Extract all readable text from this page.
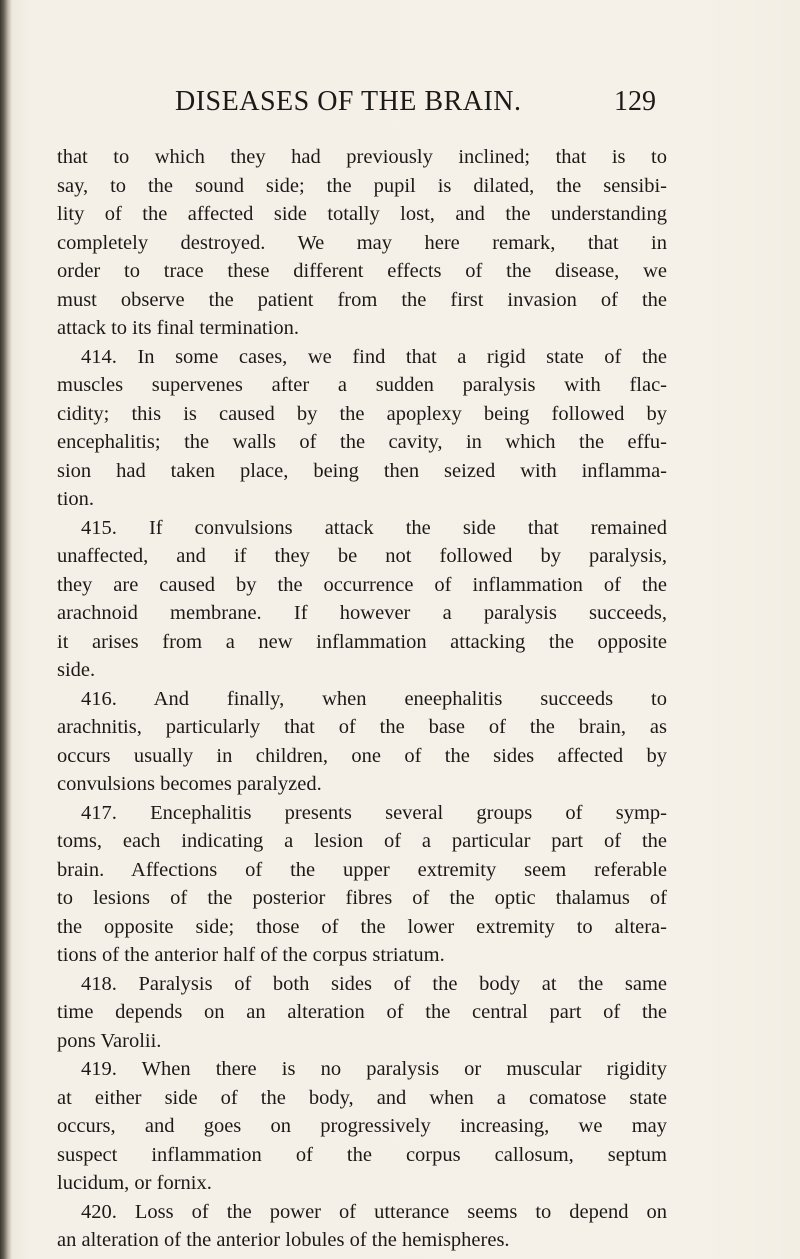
DISEASES OF THE BRAIN.	129
that to which they had previously inclined; that is to
say, to the sound side; the pupil is dilated, the sensibi-
lity of the affected side totally lost, and the understanding
completely destroyed. We may here remark, that in
order to trace these different effects of the disease, we
must observe the patient from the first invasion of the
attack to its final termination.
414. In some cases, we find that a rigid state of the
muscles supervenes after a sudden paralysis with flac-
cidity; this is caused by the apoplexy being followed by
encephalitis; the walls of the cavity, in which the effu-
sion had taken place, being then seized with inflamma-
tion.
415. If convulsions attack the side that remained
unaffected, and if they be not followed by paralysis,
they are caused by the occurrence of inflammation of the
arachnoid membrane. If however a paralysis succeeds,
it arises from a new inflammation attacking the opposite
side.
416. And finally, when eneephalitis succeeds to
arachnitis, particularly that of the base of the brain, as
occurs usually in children, one of the sides affected by
convulsions becomes paralyzed.
417. Encephalitis presents several groups of symp-
toms, each indicating a lesion of a particular part of the
brain. Affections of the upper extremity seem referable
to lesions of the posterior fibres of the optic thalamus of
the opposite side; those of the lower extremity to altera-
tions of the anterior half of the corpus striatum.
418. Paralysis of both sides of the body at the same
time depends on an alteration of the central part of the
pons Varolii.
419. When there is no paralysis or muscular rigidity
at either side of the body, and when a comatose state
occurs, and goes on progressively increasing, we may
suspect inflammation of the corpus callosum, septum
lucidum, or fornix.
420. Loss of the power of utterance seems to depend on
an alteration of the anterior lobules of the hemispheres.
